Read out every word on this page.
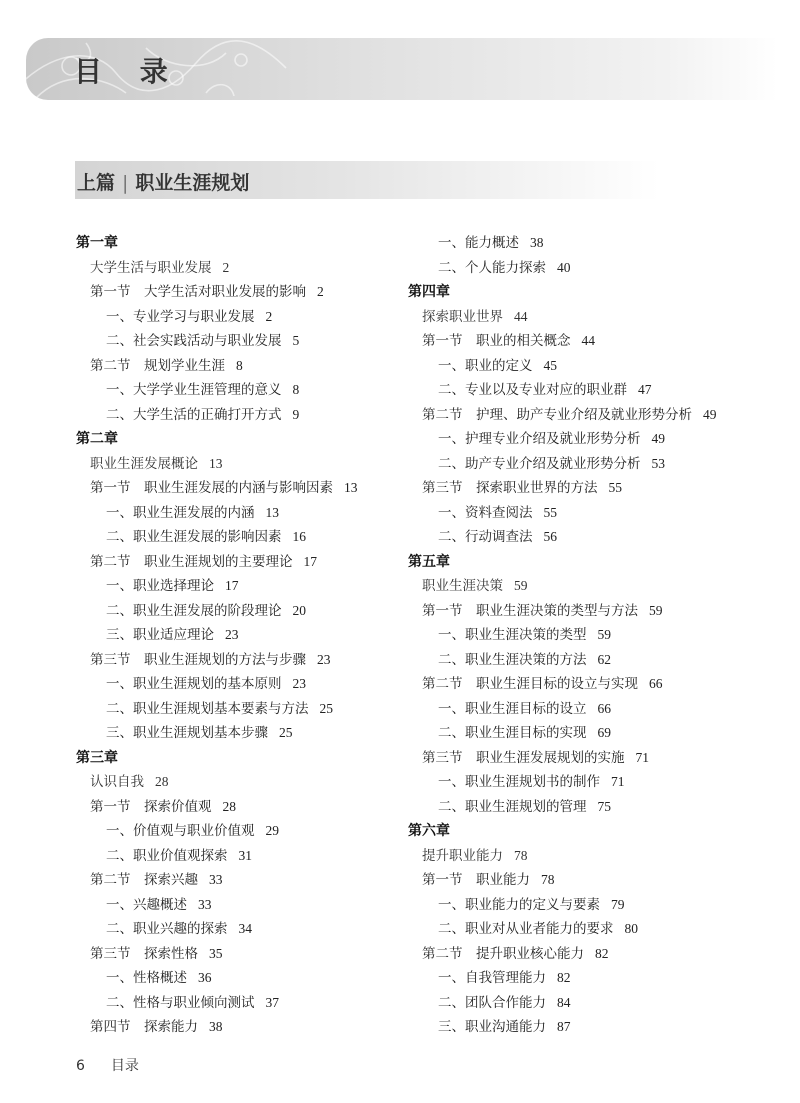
目 录
上篇 | 职业生涯规划
第一章
大学生活与职业发展 2
第一节　大学生活对职业发展的影响 2
一、专业学习与职业发展 2
二、社会实践活动与职业发展 5
第二节　规划学业生涯 8
一、大学学业生涯管理的意义 8
二、大学生活的正确打开方式 9
第二章
职业生涯发展概论 13
第一节　职业生涯发展的内涵与影响因素 13
一、职业生涯发展的内涵 13
二、职业生涯发展的影响因素 16
第二节　职业生涯规划的主要理论 17
一、职业选择理论 17
二、职业生涯发展的阶段理论 20
三、职业适应理论 23
第三节　职业生涯规划的方法与步骤 23
一、职业生涯规划的基本原则 23
二、职业生涯规划基本要素与方法 25
三、职业生涯规划基本步骤 25
第三章
认识自我 28
第一节　探索价值观 28
一、价值观与职业价值观 29
二、职业价值观探索 31
第二节　探索兴趣 33
一、兴趣概述 33
二、职业兴趣的探索 34
第三节　探索性格 35
一、性格概述 36
二、性格与职业倾向测试 37
第四节　探索能力 38
一、能力概述 38
二、个人能力探索 40
第四章
探索职业世界 44
第一节　职业的相关概念 44
一、职业的定义 45
二、专业以及专业对应的职业群 47
第二节　护理、助产专业介绍及就业形势分析 49
一、护理专业介绍及就业形势分析 49
二、助产专业介绍及就业形势分析 53
第三节　探索职业世界的方法 55
一、资料查阅法 55
二、行动调查法 56
第五章
职业生涯决策 59
第一节　职业生涯决策的类型与方法 59
一、职业生涯决策的类型 59
二、职业生涯决策的方法 62
第二节　职业生涯目标的设立与实现 66
一、职业生涯目标的设立 66
二、职业生涯目标的实现 69
第三节　职业生涯发展规划的实施 71
一、职业生涯规划书的制作 71
二、职业生涯规划的管理 75
第六章
提升职业能力 78
第一节　职业能力 78
一、职业能力的定义与要素 79
二、职业对从业者能力的要求 80
第二节　提升职业核心能力 82
一、自我管理能力 82
二、团队合作能力 84
三、职业沟通能力 87
6 目录
